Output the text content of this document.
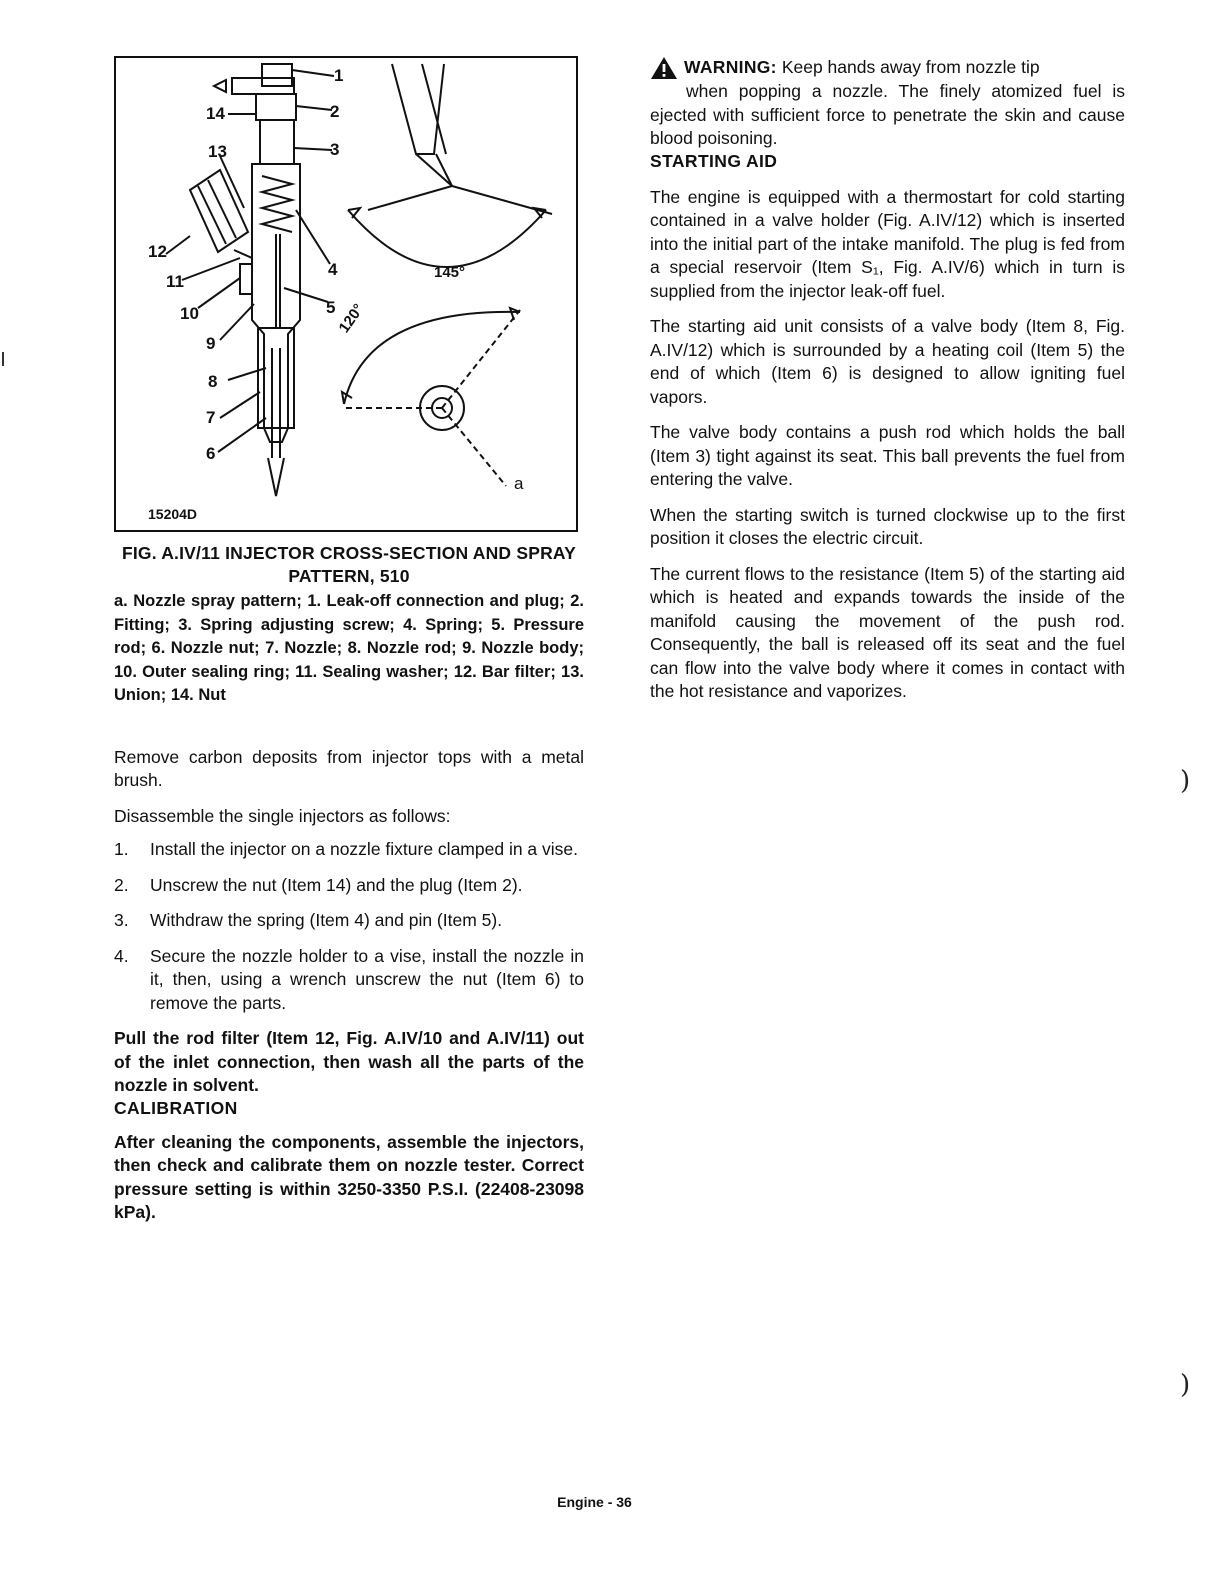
1
2
3
4
5
6
7
8
9
10
11
12
13
14
145°
120°
a
15204D

FIG. A.IV/11 INJECTOR CROSS-SECTION AND SPRAY PATTERN, 510

a. Nozzle spray pattern; 1. Leak-off connection and plug; 2. Fitting; 3. Spring adjusting screw; 4. Spring; 5. Pressure rod; 6. Nozzle nut; 7. Nozzle; 8. Nozzle rod; 9. Nozzle body; 10. Outer sealing ring; 11. Sealing washer; 12. Bar filter; 13. Union; 14. Nut

Remove carbon deposits from injector tops with a metal brush.

Disassemble the single injectors as follows:

1. Install the injector on a nozzle fixture clamped in a vise.
2. Unscrew the nut (Item 14) and the plug (Item 2).
3. Withdraw the spring (Item 4) and pin (Item 5).
4. Secure the nozzle holder to a vise, install the nozzle in it, then, using a wrench unscrew the nut (Item 6) to remove the parts.

Pull the rod filter (Item 12, Fig. A.IV/10 and A.IV/11) out of the inlet connection, then wash all the parts of the nozzle in solvent.

CALIBRATION

After cleaning the components, assemble the injectors, then check and calibrate them on nozzle tester. Correct pressure setting is within 3250-3350 P.S.I. (22408-23098 kPa).

WARNING: Keep hands away from nozzle tip

when popping a nozzle. The finely atomized fuel is ejected with sufficient force to penetrate the skin and cause blood poisoning.

STARTING AID

The engine is equipped with a thermostart for cold starting contained in a valve holder (Fig. A.IV/12) which is inserted into the initial part of the intake manifold. The plug is fed from a special reservoir (Item S₁, Fig. A.IV/6) which in turn is supplied from the injector leak-off fuel.

The starting aid unit consists of a valve body (Item 8, Fig. A.IV/12) which is surrounded by a heating coil (Item 5) the end of which (Item 6) is designed to allow igniting fuel vapors.

The valve body contains a push rod which holds the ball (Item 3) tight against its seat. This ball prevents the fuel from entering the valve.

When the starting switch is turned clockwise up to the first position it closes the electric circuit.

The current flows to the resistance (Item 5) of the starting aid which is heated and expands towards the inside of the manifold causing the movement of the push rod. Consequently, the ball is released off its seat and the fuel can flow into the valve body where it comes in contact with the hot resistance and vaporizes.

)
)
Engine - 36
